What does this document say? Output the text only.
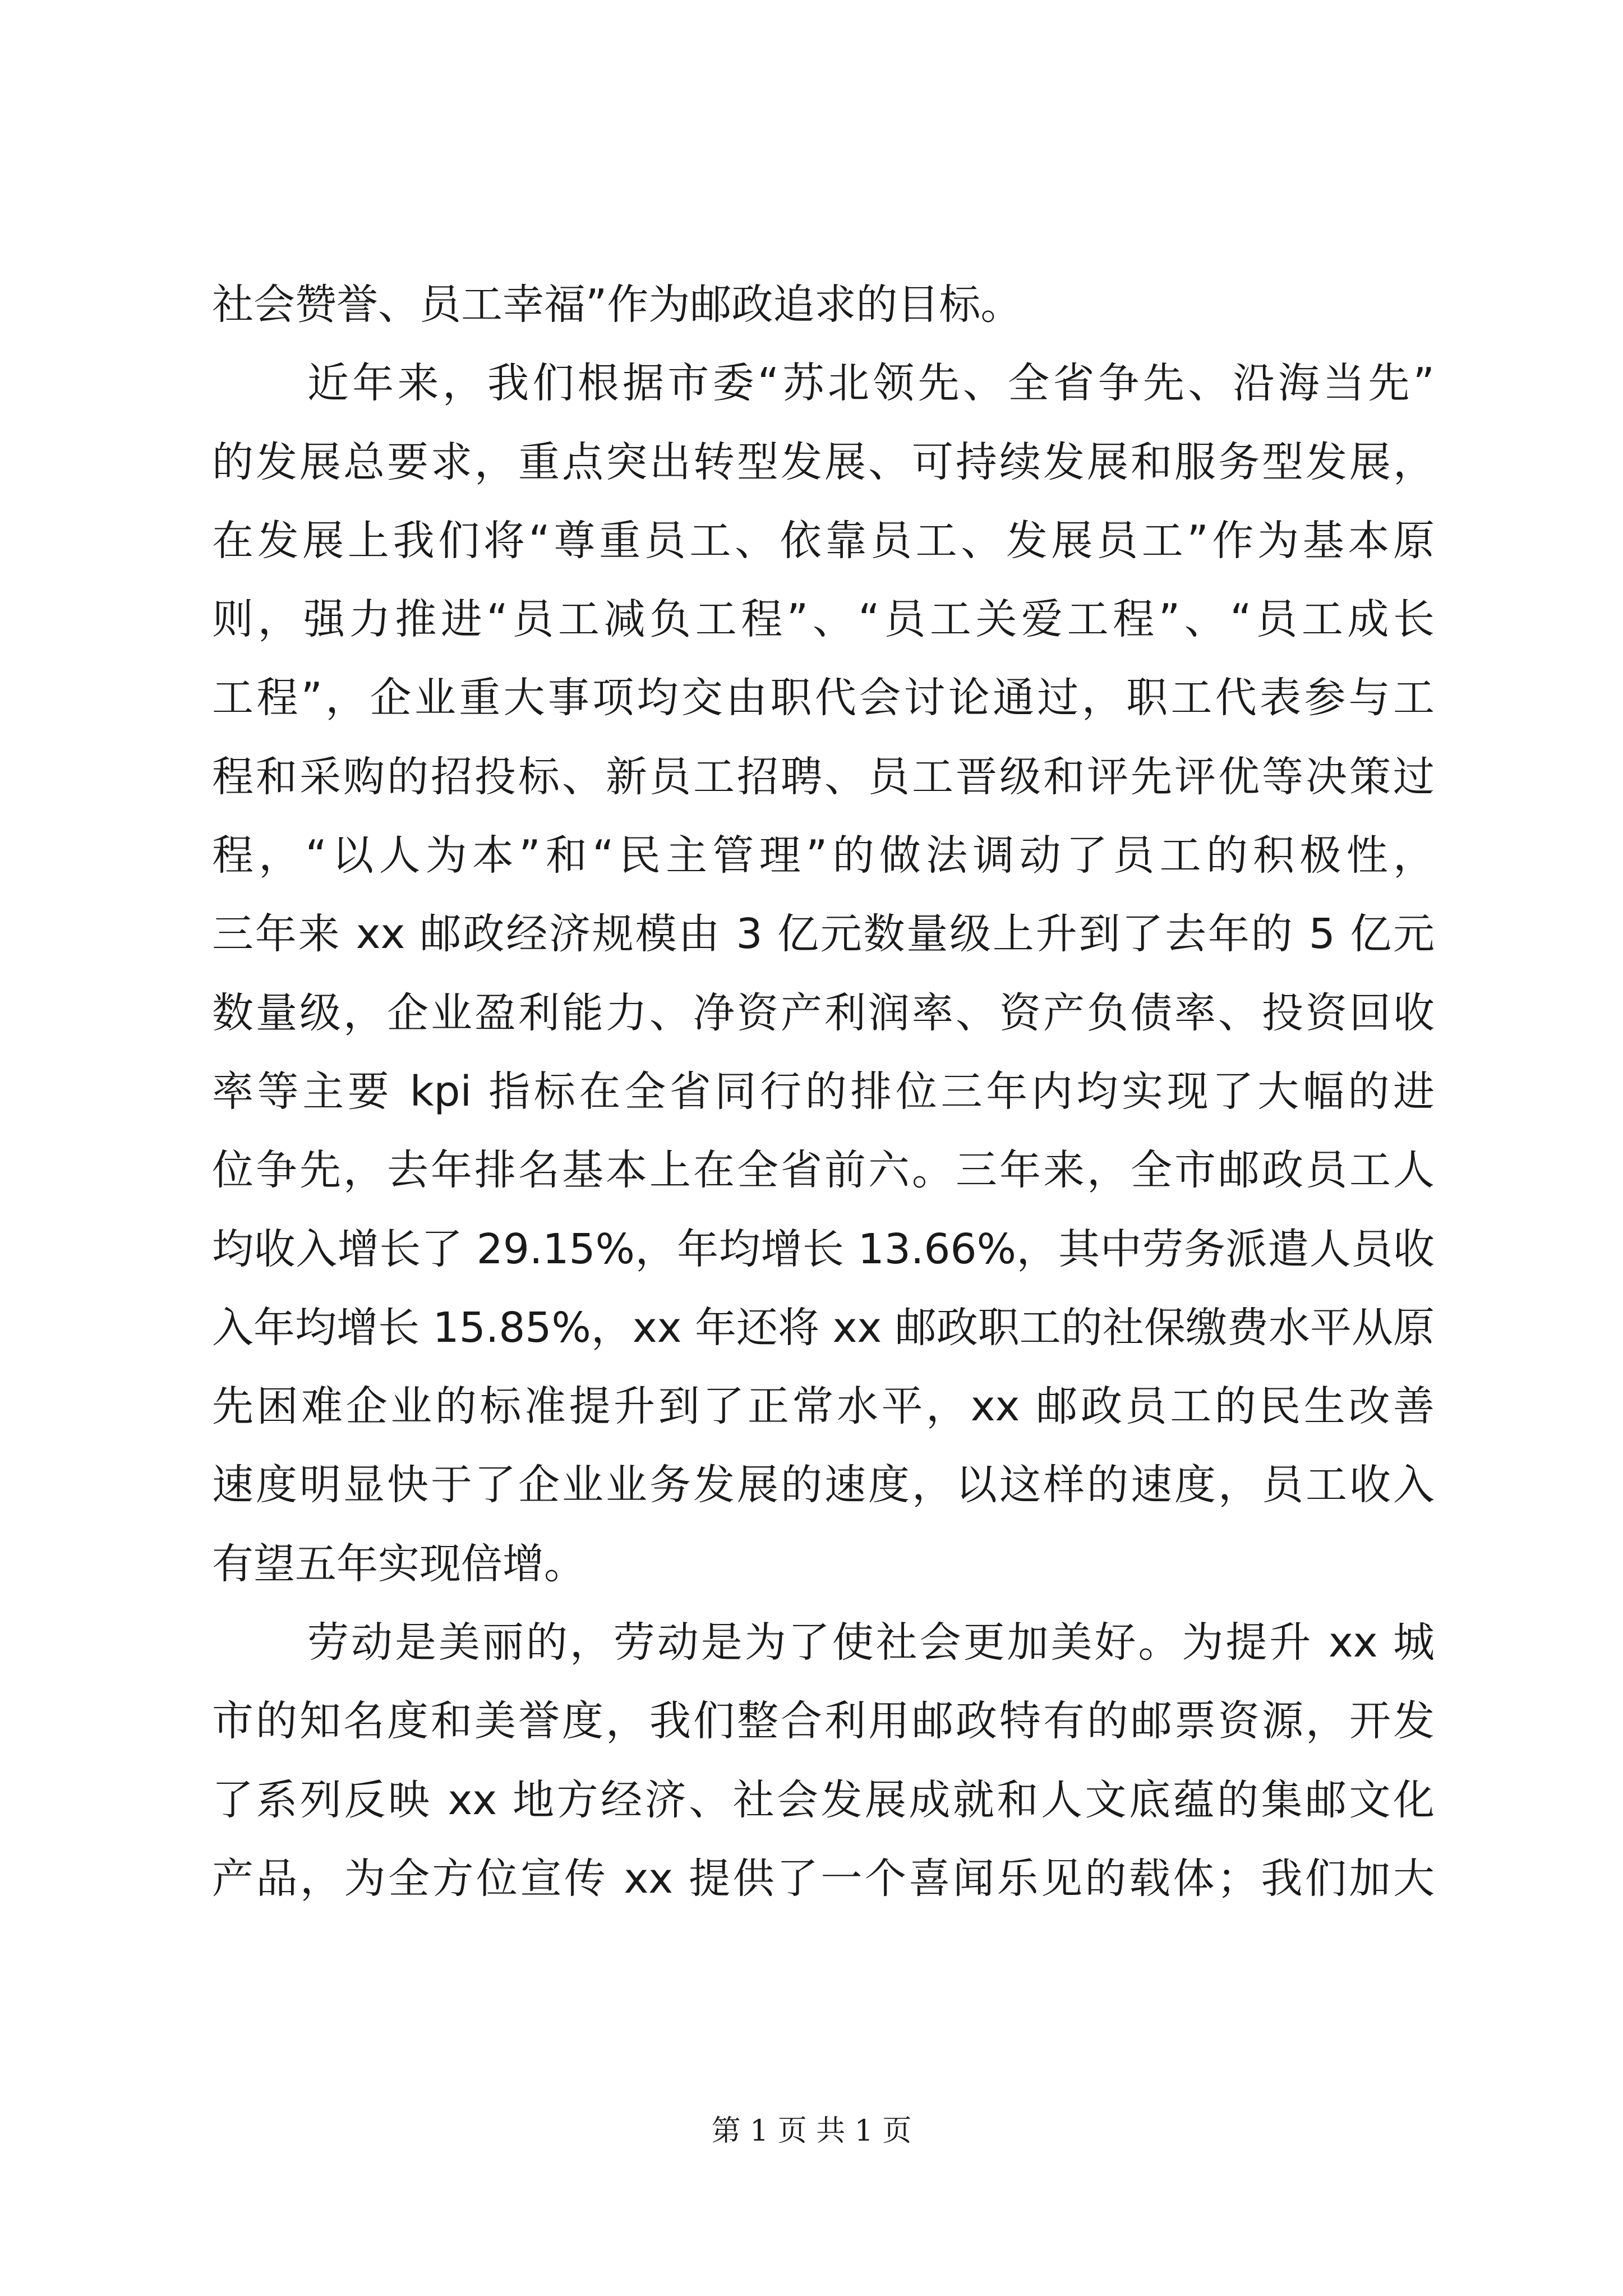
社会赞誉、员工幸福”作为邮政追求的目标。
近年来，我们根据市委“苏北领先、全省争先、沿海当先”
的发展总要求，重点突出转型发展、可持续发展和服务型发展，
在发展上我们将“尊重员工、依靠员工、发展员工”作为基本原
则，强力推进“员工减负工程”、“员工关爱工程”、“员工成长
工程”，企业重大事项均交由职代会讨论通过，职工代表参与工
程和采购的招投标、新员工招聘、员工晋级和评先评优等决策过
程，“以人为本”和“民主管理”的做法调动了员工的积极性，
三年来 xx 邮政经济规模由 3 亿元数量级上升到了去年的 5 亿元
数量级，企业盈利能力、净资产利润率、资产负债率、投资回收
率等主要 kpi 指标在全省同行的排位三年内均实现了大幅的进
位争先，去年排名基本上在全省前六。三年来，全市邮政员工人
均收入增长了 29.15%，年均增长 13.66%，其中劳务派遣人员收
入年均增长 15.85%，xx 年还将 xx 邮政职工的社保缴费水平从原
先困难企业的标准提升到了正常水平，xx 邮政员工的民生改善
速度明显快于了企业业务发展的速度，以这样的速度，员工收入
有望五年实现倍增。
劳动是美丽的，劳动是为了使社会更加美好。为提升 xx 城
市的知名度和美誉度，我们整合利用邮政特有的邮票资源，开发
了系列反映 xx 地方经济、社会发展成就和人文底蕴的集邮文化
产品，为全方位宣传 xx 提供了一个喜闻乐见的载体；我们加大
第 1 页 共 1 页
